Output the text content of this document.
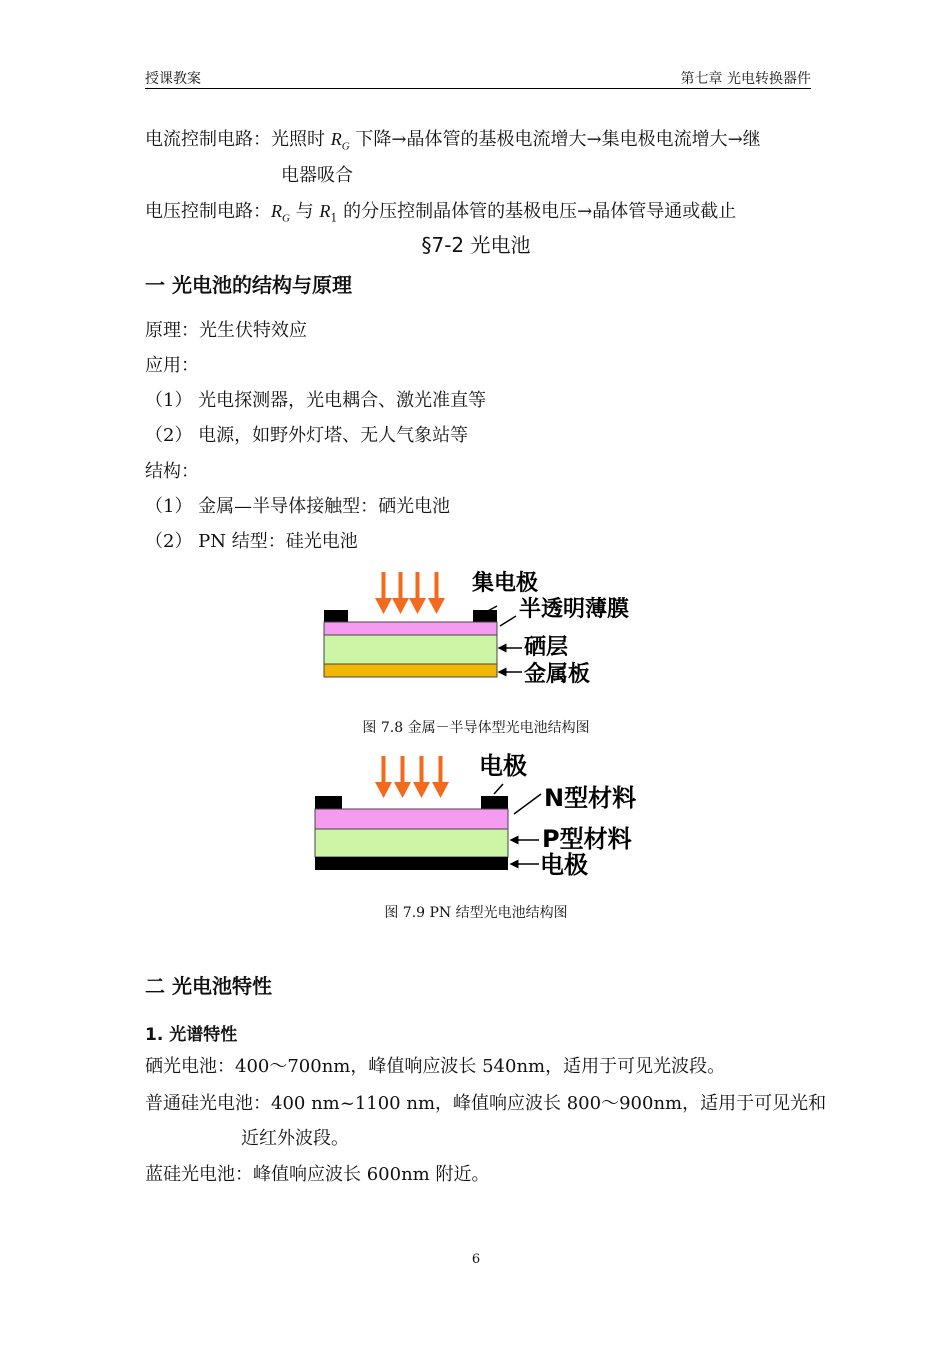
授课教案	第七章 光电转换器件
电流控制电路：光照时 $R_G$ 下降→晶体管的基极电流增大→集电极电流增大→继
电器吸合
电压控制电路：$R_G$ 与 $R_1$ 的分压控制晶体管的基极电压→晶体管导通或截止
§7-2 光电池
一 光电池的结构与原理
原理：光生伏特效应
应用：
（1） 光电探测器，光电耦合、激光准直等
（2） 电源，如野外灯塔、无人气象站等
结构：
（1） 金属—半导体接触型：硒光电池
（2） PN 结型：硅光电池
集电极
半透明薄膜
硒层
金属板
图 7.8 金属－半导体型光电池结构图
电极
N型材料
P型材料
电极
图 7.9 PN 结型光电池结构图
二 光电池特性
1. 光谱特性
硒光电池：400～700nm，峰值响应波长 540nm，适用于可见光波段。
普通硅光电池：400 nm~1100 nm，峰值响应波长 800～900nm，适用于可见光和
近红外波段。
蓝硅光电池：峰值响应波长 600nm 附近。
6
